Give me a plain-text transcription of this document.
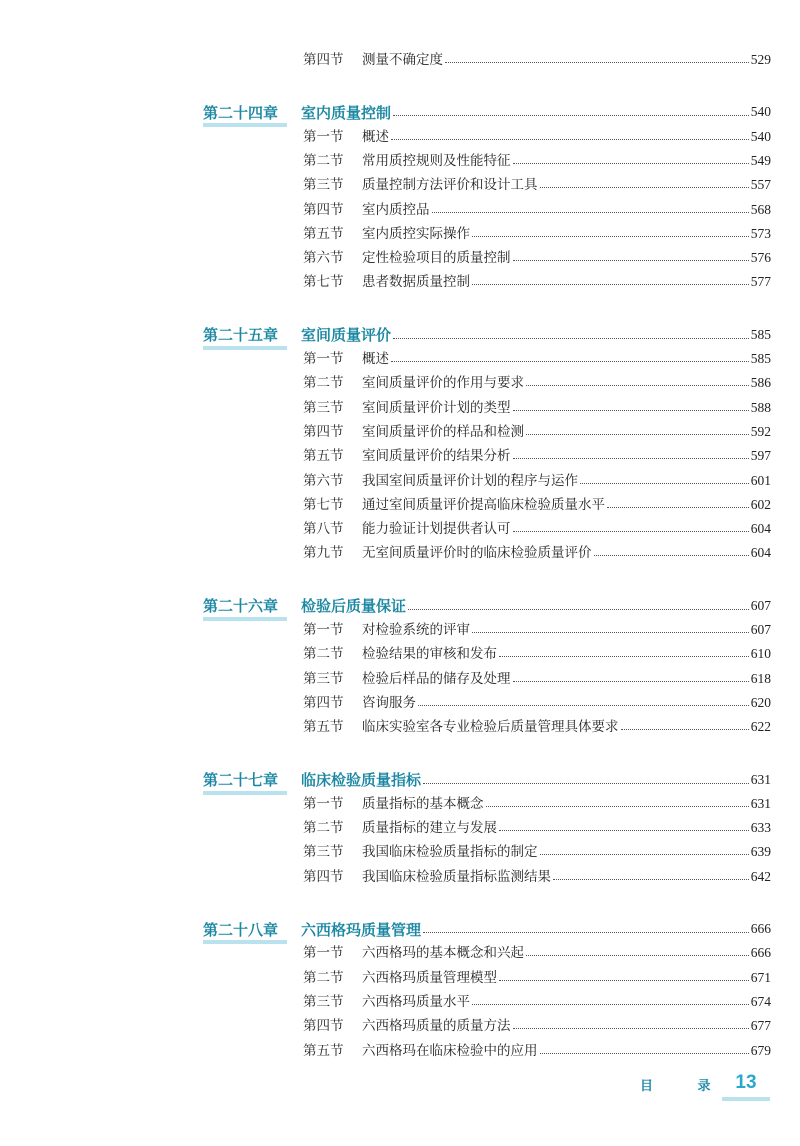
第四节	测量不确定度	529
第二十四章	室内质量控制	540
第一节	概述	540
第二节	常用质控规则及性能特征	549
第三节	质量控制方法评价和设计工具	557
第四节	室内质控品	568
第五节	室内质控实际操作	573
第六节	定性检验项目的质量控制	576
第七节	患者数据质量控制	577
第二十五章	室间质量评价	585
第一节	概述	585
第二节	室间质量评价的作用与要求	586
第三节	室间质量评价计划的类型	588
第四节	室间质量评价的样品和检测	592
第五节	室间质量评价的结果分析	597
第六节	我国室间质量评价计划的程序与运作	601
第七节	通过室间质量评价提高临床检验质量水平	602
第八节	能力验证计划提供者认可	604
第九节	无室间质量评价时的临床检验质量评价	604
第二十六章	检验后质量保证	607
第一节	对检验系统的评审	607
第二节	检验结果的审核和发布	610
第三节	检验后样品的储存及处理	618
第四节	咨询服务	620
第五节	临床实验室各专业检验后质量管理具体要求	622
第二十七章	临床检验质量指标	631
第一节	质量指标的基本概念	631
第二节	质量指标的建立与发展	633
第三节	我国临床检验质量指标的制定	639
第四节	我国临床检验质量指标监测结果	642
第二十八章	六西格玛质量管理	666
第一节	六西格玛的基本概念和兴起	666
第二节	六西格玛质量管理模型	671
第三节	六西格玛质量水平	674
第四节	六西格玛质量的质量方法	677
第五节	六西格玛在临床检验中的应用	679
目 录 13
